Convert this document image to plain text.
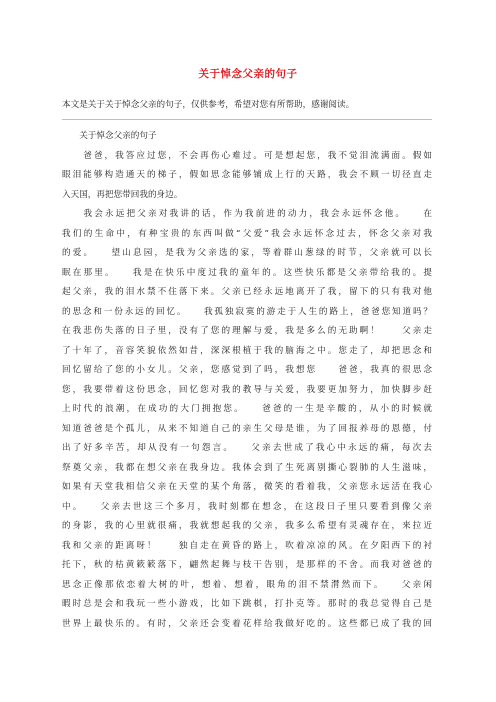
关于悼念父亲的句子
本文是关于关于悼念父亲的句子，仅供参考，希望对您有所帮助，感谢阅读。
　　关于悼念父亲的句子
　　爸爸，我答应过您，不会再伤心难过。可是想起您，我不觉泪流满面。假如
眼泪能够构造通天的梯子，假如思念能够铺成上行的天路，我会不顾一切径直走
入天国，再把您带回我的身边。
　　我会永远把父亲对我讲的话，作为我前进的动力，我会永远怀念他。　　在
我们的生命中，有种宝贵的东西叫做“父爱”我会永远怀念过去，怀念父亲对我
的爱。　　望山息园，是我为父亲选的家，等着群山葱绿的时节，父亲就可以长
眠在那里。　　我是在快乐中度过我的童年的。这些快乐都是父亲带给我的。提
起父亲，我的泪水禁不住落下来。父亲已经永远地离开了我，留下的只有我对他
的思念和一份永远的回忆。　　我孤独寂寞的游走于人生的路上，爸爸您知道吗？
在我悲伤失落的日子里，没有了您的理解与爱，我是多么的无助啊！　　父亲走
了十年了，音容笑貌依然如昔，深深根植于我的脑海之中。您走了，却把思念和
回忆留给了您的小女儿。父亲，您感觉到了吗，我想您　　爸爸，我真的很思念
您，我要带着这份思念，回忆您对我的教导与关爱，我要更加努力，加快脚步赶
上时代的浪潮，在成功的大门拥抱您。　　爸爸的一生是辛酸的，从小的时候就
知道爸爸是个孤儿，从来不知道自己的亲生父母是谁，为了回报养母的恩德，付
出了好多辛苦，却从没有一句怨言。　　父亲去世成了我心中永远的痛，每次去
祭奠父亲，我都在想父亲在我身边。我体会到了生死离别撕心裂肺的人生滋味，
如果有天堂我相信父亲在天堂的某个角落，微笑的看着我，父亲您永远活在我心
中。　　父亲去世这三个多月，我时刻都在想念，在这段日子里只要看到像父亲
的身影，我的心里就很痛，我就想起我的父亲，我多么希望有灵魂存在，来拉近
我和父亲的距离呀！　　独自走在黄昏的路上，吹着凉凉的风。在夕阳西下的衬
托下，秋的枯黄簌簌落下，翩然起舞与枝干告别，是那样的不舍。而我对爸爸的
思念正像那依恋着大树的叶，想着、想着，眼角的泪不禁潸然而下。　　父亲闲
暇时总是会和我玩一些小游戏，比如下跳棋，打扑克等。那时的我总觉得自己是
世界上最快乐的。有时，父亲还会变着花样给我做好吃的。这些都已成了我的回
